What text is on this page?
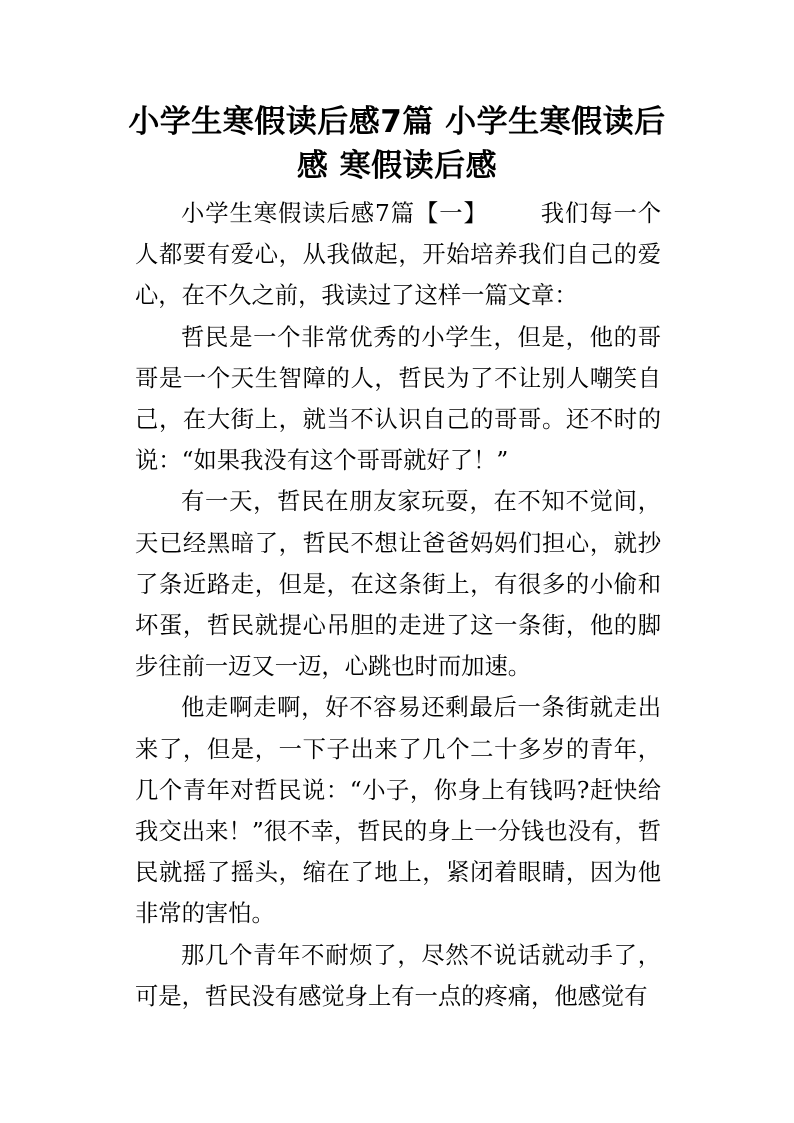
小学生寒假读后感7篇 小学生寒假读后感 寒假读后感

小学生寒假读后感7篇【一】 我们每一个人都要有爱心，从我做起，开始培养我们自己的爱心，在不久之前，我读过了这样一篇文章：

哲民是一个非常优秀的小学生，但是，他的哥哥是一个天生智障的人，哲民为了不让别人嘲笑自己，在大街上，就当不认识自己的哥哥。还不时的说：“如果我没有这个哥哥就好了！”

有一天，哲民在朋友家玩耍，在不知不觉间，天已经黑暗了，哲民不想让爸爸妈妈们担心，就抄了条近路走，但是，在这条街上，有很多的小偷和坏蛋，哲民就提心吊胆的走进了这一条街，他的脚步往前一迈又一迈，心跳也时而加速。

他走啊走啊，好不容易还剩最后一条街就走出来了，但是，一下子出来了几个二十多岁的青年，几个青年对哲民说：“小子，你身上有钱吗?赶快给我交出来！”很不幸，哲民的身上一分钱也没有，哲民就摇了摇头，缩在了地上，紧闭着眼睛，因为他非常的害怕。

那几个青年不耐烦了，尽然不说话就动手了，可是，哲民没有感觉身上有一点的疼痛，他感觉有
